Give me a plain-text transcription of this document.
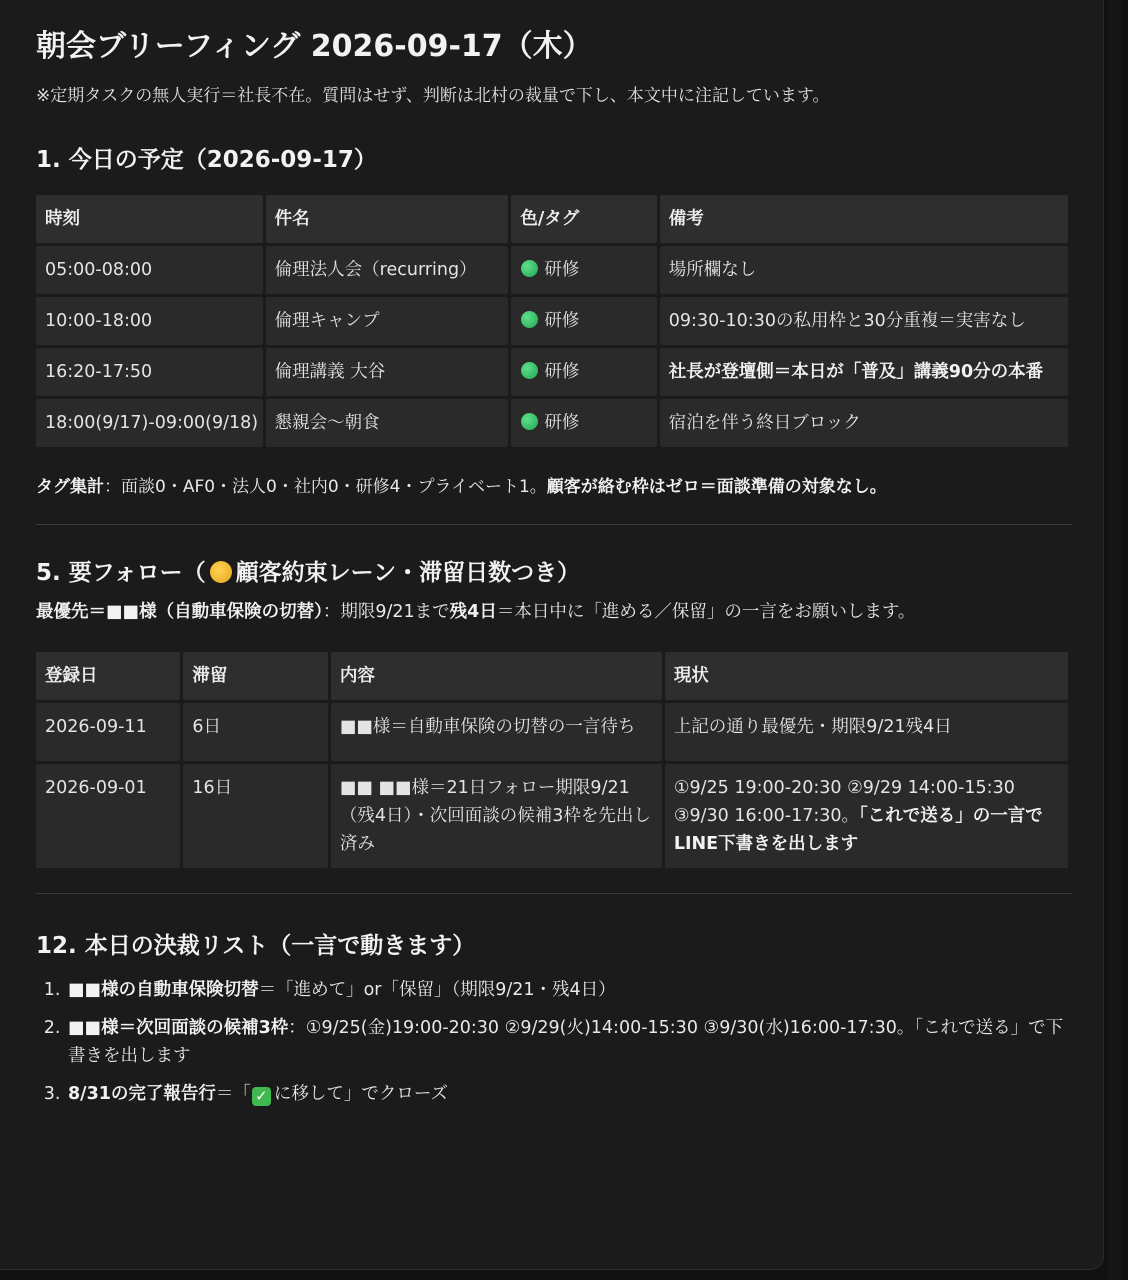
朝会ブリーフィング 2026-09-17（木）

※定期タスクの無人実行＝社長不在。質問はせず、判断は北村の裁量で下し、本文中に注記しています。

1. 今日の予定（2026-09-17）
時刻	件名	色/タグ	備考
05:00-08:00	倫理法人会（recurring）	研修	場所欄なし
10:00-18:00	倫理キャンプ	研修	09:30-10:30の私用枠と30分重複＝実害なし
16:20-17:50	倫理講義 大谷	研修	社長が登壇側＝本日が「普及」講義90分の本番
18:00(9/17)-09:00(9/18)	懇親会〜朝食	研修	宿泊を伴う終日ブロック

タグ集計：面談0・AF0・法人0・社内0・研修4・プライベート1。顧客が絡む枠はゼロ＝面談準備の対象なし。

5. 要フォロー（ 顧客約束レーン・滞留日数つき）

最優先＝■■様（自動車保険の切替）：期限9/21まで残4日＝本日中に「進める／保留」の一言をお願いします。

登録日	滞留	内容	現状
2026-09-11	6日	■■様＝自動車保険の切替の一言待ち	上記の通り最優先・期限9/21残4日
2026-09-01	16日	■■ ■■様＝21日フォロー期限9/21（残4日）・次回面談の候補3枠を先出し済み	①9/25 19:00-20:30 ②9/29 14:00-15:30 ③9/30 16:00-17:30。「これで送る」の一言でLINE下書きを出します
12. 本日の決裁リスト（一言で動きます）
1. ■■様の自動車保険切替＝「進めて」or「保留」（期限9/21・残4日）
2. ■■様＝次回面談の候補3枠：①9/25(金)19:00-20:30 ②9/29(火)14:00-15:30 ③9/30(水)16:00-17:30。「これで送る」で下書きを出します
3. 8/31の完了報告行＝「 ✓ に移して」でクローズ
